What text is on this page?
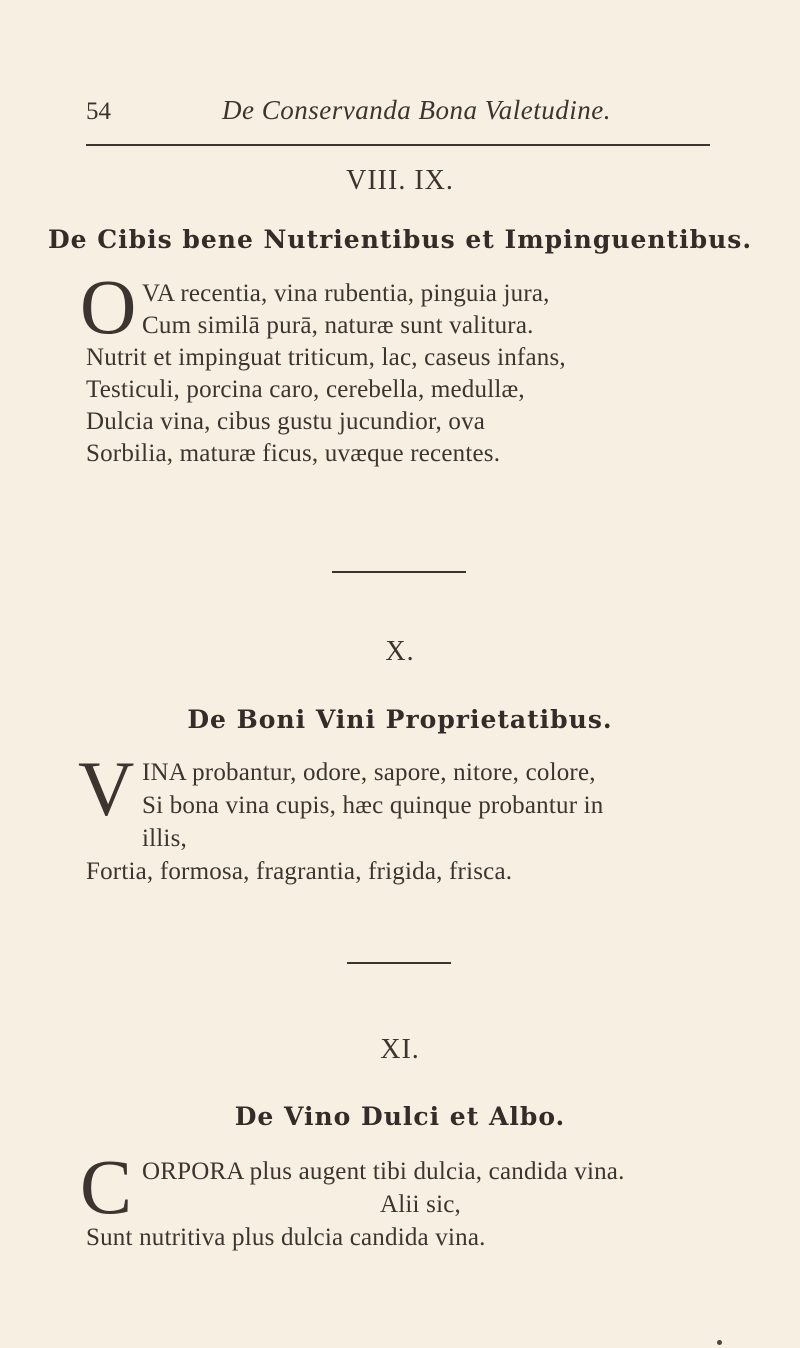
54	De Conservanda Bona Valetudine.
VIII. IX.
De Cibis bene Nutrientibus et Impinguentibus.
O VA recentia, vina rubentia, pinguia jura,
Cum similā purā, naturæ sunt valitura.
Nutrit et impinguat triticum, lac, caseus infans,
Testiculi, porcina caro, cerebella, medullæ,
Dulcia vina, cibus gustu jucundior, ova
Sorbilia, maturæ ficus, uvæque recentes.
X.
De Boni Vini Proprietatibus.
V INA probantur, odore, sapore, nitore, colore,
Si bona vina cupis, hæc quinque probantur in
illis,
Fortia, formosa, fragrantia, frigida, frisca.
XI.
De Vino Dulci et Albo.
C ORPORA plus augent tibi dulcia, candida vina.
Alii sic,
Sunt nutritiva plus dulcia candida vina.
